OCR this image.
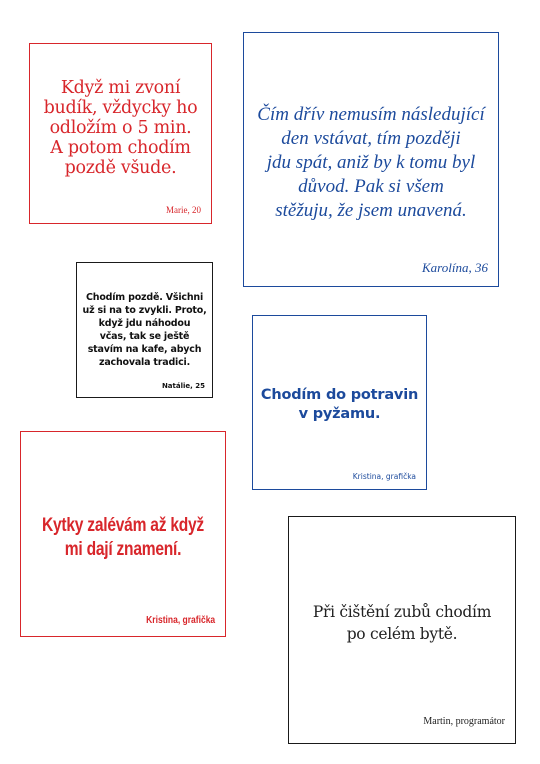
Když mi zvoní
budík, vždycky ho
odložím o 5 min.
A potom chodím
pozdě všude.

Marie, 20

Čím dřív nemusím následující
den vstávat, tím později
jdu spát, aniž by k tomu byl
důvod. Pak si všem
stěžuju, že jsem unavená.

Karolína, 36

Chodím pozdě. Všichni
už si na to zvykli. Proto,
když jdu náhodou
včas, tak se ještě
stavím na kafe, abych
zachovala tradici.

Natálie, 25

Chodím do potravin
v pyžamu.

Kristina, grafička

Kytky zalévám až když
mi dají znamení.

Kristina, grafička	Při čištění zubů chodím
po celém bytě.

Martin, programátor
